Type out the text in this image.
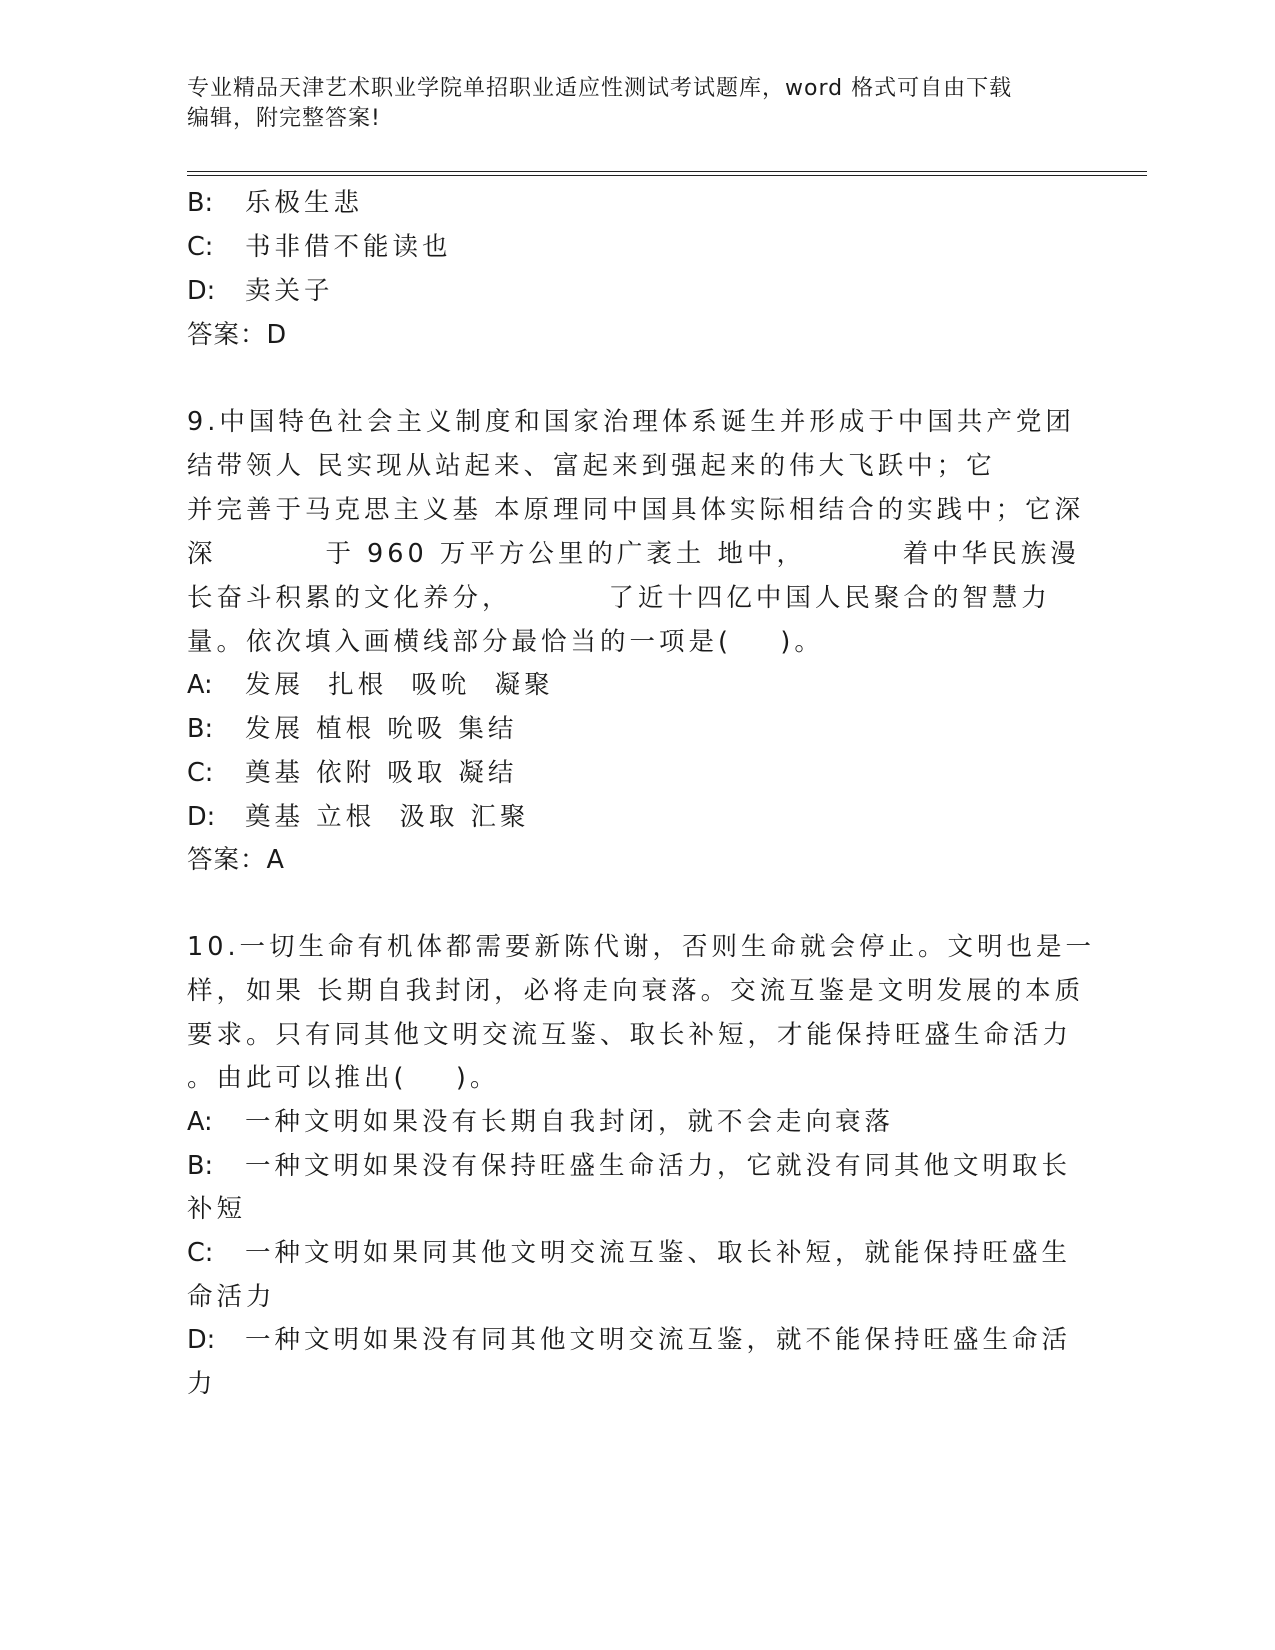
专业精品天津艺术职业学院单招职业适应性测试考试题库，word 格式可自由下载
编辑，附完整答案!
B: 乐极生悲
C: 书非借不能读也
D: 卖关子
答案：D
9.中国特色社会主义制度和国家治理体系诞生并形成于中国共产党团
结带领人 民实现从站起来、富起来到强起来的伟大飞跃中；它
并完善于马克思主义基 本原理同中国具体实际相结合的实践中；它深
深         于 960 万平方公里的广袤土 地中，        着中华民族漫
长奋斗积累的文化养分，        了近十四亿中国人民聚合的智慧力
量。依次填入画横线部分最恰当的一项是(    )。
A: 发展  扎根  吸吮  凝聚
B: 发展 植根 吮吸 集结
C: 奠基 依附 吸取 凝结
D: 奠基 立根  汲取 汇聚
答案：A
10.一切生命有机体都需要新陈代谢，否则生命就会停止。文明也是一
样，如果 长期自我封闭，必将走向衰落。交流互鉴是文明发展的本质
要求。只有同其他文明交流互鉴、取长补短，才能保持旺盛生命活力
。由此可以推出(    )。
A: 一种文明如果没有长期自我封闭，就不会走向衰落
B: 一种文明如果没有保持旺盛生命活力，它就没有同其他文明取长
补短
C: 一种文明如果同其他文明交流互鉴、取长补短，就能保持旺盛生
命活力
D: 一种文明如果没有同其他文明交流互鉴，就不能保持旺盛生命活
力
